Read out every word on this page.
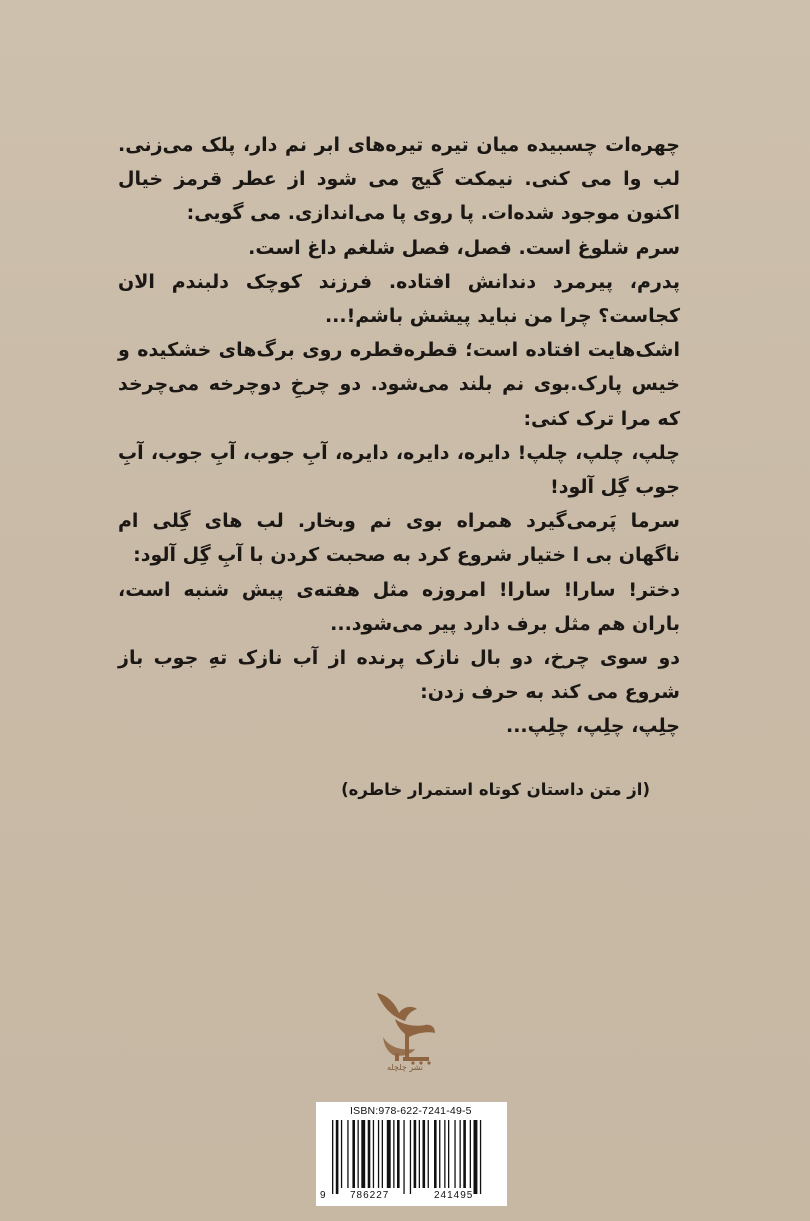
چهره‌ات چسبیده میان تیره تیره‌های ابر نم دار، پلک می‌زنی. لب وا می کنی. نیمکت گیج می شود از عطر قرمز خیال اکنون موجود شده‌ات. پا روی پا می‌اندازی. می گویی:

سرم شلوغ است. فصل، فصل شلغم داغ است.

پدرم، پیرمرد دندانش افتاده. فرزند کوچک دلبندم الان کجاست؟ چرا من نباید پیشش باشم!...

اشک‌هایت افتاده است؛ قطره‌قطره روی برگ‌های خشکیده و خیس پارک.بوی نم بلند می‌شود. دو چرخِ دوچرخه می‌چرخد که مرا ترک کنی:

چلپ، چلپ، چلپ! دایره، دایره، دایره، آبِ جوب، آبِ جوب، آبِ جوب گِل آلود!

سرما پَرمی‌گیرد همراه بوی نم وبخار. لب های گِلی ام ناگهان بی ا ختیار شروع کرد به صحبت کردن با آبِ گِل آلود:

دختر! سارا! سارا! امروزه مثل هفته‌ی پیش شنبه است، باران هم مثل برف دارد پیر می‌شود...

دو سوی چرخ، دو بال نازک پرنده از آب نازک تهِ جوب باز شروع می کند به حرف زدن:

چلِپ، چلِپ، چلِپ...

(از متن داستان کوتاه استمرار خاطره)
نشر چلچله
ISBN:978-622-7241-49-5
9 786227	241495
